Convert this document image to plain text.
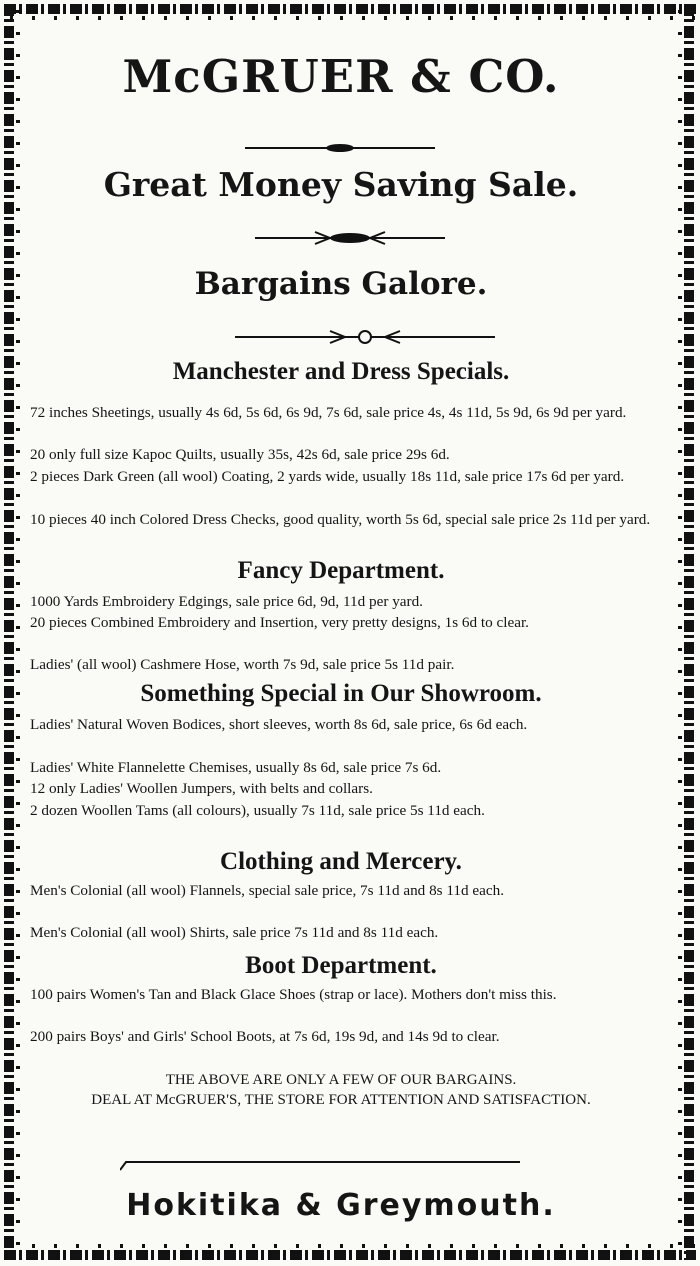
McGRUER & CO.
Great Money Saving Sale.
Bargains Galore.
Manchester and Dress Specials.
72 inches Sheetings, usually 4s 6d, 5s 6d, 6s 9d, 7s 6d, sale price 4s, 4s 11d, 5s 9d, 6s 9d per yard.
20 only full size Kapoc Quilts, usually 35s, 42s 6d, sale price 29s 6d.
2 pieces Dark Green (all wool) Coating, 2 yards wide, usually 18s 11d, sale price 17s 6d per yard.
10 pieces 40 inch Colored Dress Checks, good quality, worth 5s 6d, special sale price 2s 11d per yard.
Fancy Department.
1000 Yards Embroidery Edgings, sale price 6d, 9d, 11d per yard.
20 pieces Combined Embroidery and Insertion, very pretty designs, 1s 6d to clear.
Ladies' (all wool) Cashmere Hose, worth 7s 9d, sale price 5s 11d pair.
Something Special in Our Showroom.
Ladies' Natural Woven Bodices, short sleeves, worth 8s 6d, sale price, 6s 6d each.
Ladies' White Flannelette Chemises, usually 8s 6d, sale price 7s 6d.
12 only Ladies' Woollen Jumpers, with belts and collars.
2 dozen Woollen Tams (all colours), usually 7s 11d, sale price 5s 11d each.
Clothing and Mercery.
Men's Colonial (all wool) Flannels, special sale price, 7s 11d and 8s 11d each.
Men's Colonial (all wool) Shirts, sale price 7s 11d and 8s 11d each.
Boot Department.
100 pairs Women's Tan and Black Glace Shoes (strap or lace). Mothers don't miss this.
200 pairs Boys' and Girls' School Boots, at 7s 6d, 19s 9d, and 14s 9d to clear.
THE ABOVE ARE ONLY A FEW OF OUR BARGAINS.
DEAL AT McGRUER'S, THE STORE FOR ATTENTION AND SATISFACTION.
Hokitika & Greymouth.
